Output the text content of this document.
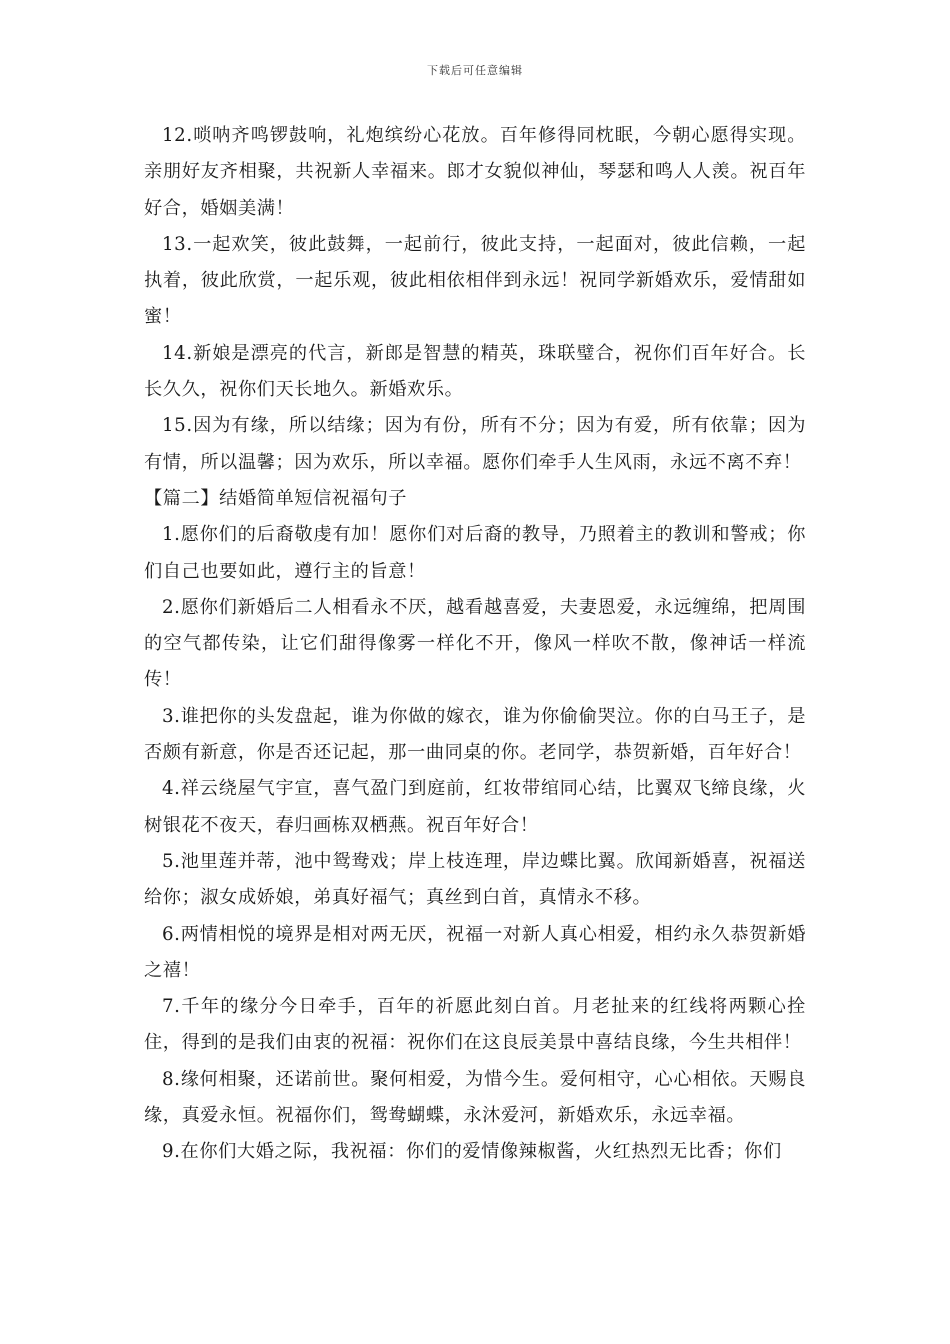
下载后可任意编辑

12.唢呐齐鸣锣鼓响，礼炮缤纷心花放。百年修得同枕眠，今朝心愿得实现。亲朋好友齐相聚，共祝新人幸福来。郎才女貌似神仙，琴瑟和鸣人人羡。祝百年好合，婚姻美满！

13.一起欢笑，彼此鼓舞，一起前行，彼此支持，一起面对，彼此信赖，一起执着，彼此欣赏，一起乐观，彼此相依相伴到永远！祝同学新婚欢乐，爱情甜如蜜！

14.新娘是漂亮的代言，新郎是智慧的精英，珠联璧合，祝你们百年好合。长长久久，祝你们天长地久。新婚欢乐。

15.因为有缘，所以结缘；因为有份，所有不分；因为有爱，所有依靠；因为有情，所以温馨；因为欢乐，所以幸福。愿你们牵手人生风雨，永远不离不弃！

【篇二】结婚简单短信祝福句子

1.愿你们的后裔敬虔有加！愿你们对后裔的教导，乃照着主的教训和警戒；你们自己也要如此，遵行主的旨意！

2.愿你们新婚后二人相看永不厌，越看越喜爱，夫妻恩爱，永远缠绵，把周围的空气都传染，让它们甜得像雾一样化不开，像风一样吹不散，像神话一样流传！

3.谁把你的头发盘起，谁为你做的嫁衣，谁为你偷偷哭泣。你的白马王子，是否颇有新意，你是否还记起，那一曲同桌的你。老同学，恭贺新婚，百年好合！

4.祥云绕屋气宇宣，喜气盈门到庭前，红妆带绾同心结，比翼双飞缔良缘，火树银花不夜天，春归画栋双栖燕。祝百年好合！

5.池里莲并蒂，池中鸳鸯戏；岸上枝连理，岸边蝶比翼。欣闻新婚喜，祝福送给你；淑女成娇娘，弟真好福气；真丝到白首，真情永不移。

6.两情相悦的境界是相对两无厌，祝福一对新人真心相爱，相约永久恭贺新婚之禧！

7.千年的缘分今日牵手，百年的祈愿此刻白首。月老扯来的红线将两颗心拴住，得到的是我们由衷的祝福：祝你们在这良辰美景中喜结良缘，今生共相伴！

8.缘何相聚，还诺前世。聚何相爱，为惜今生。爱何相守，心心相依。天赐良缘，真爱永恒。祝福你们，鸳鸯蝴蝶，永沐爱河，新婚欢乐，永远幸福。

9.在你们大婚之际，我祝福：你们的爱情像辣椒酱，火红热烈无比香；你们
